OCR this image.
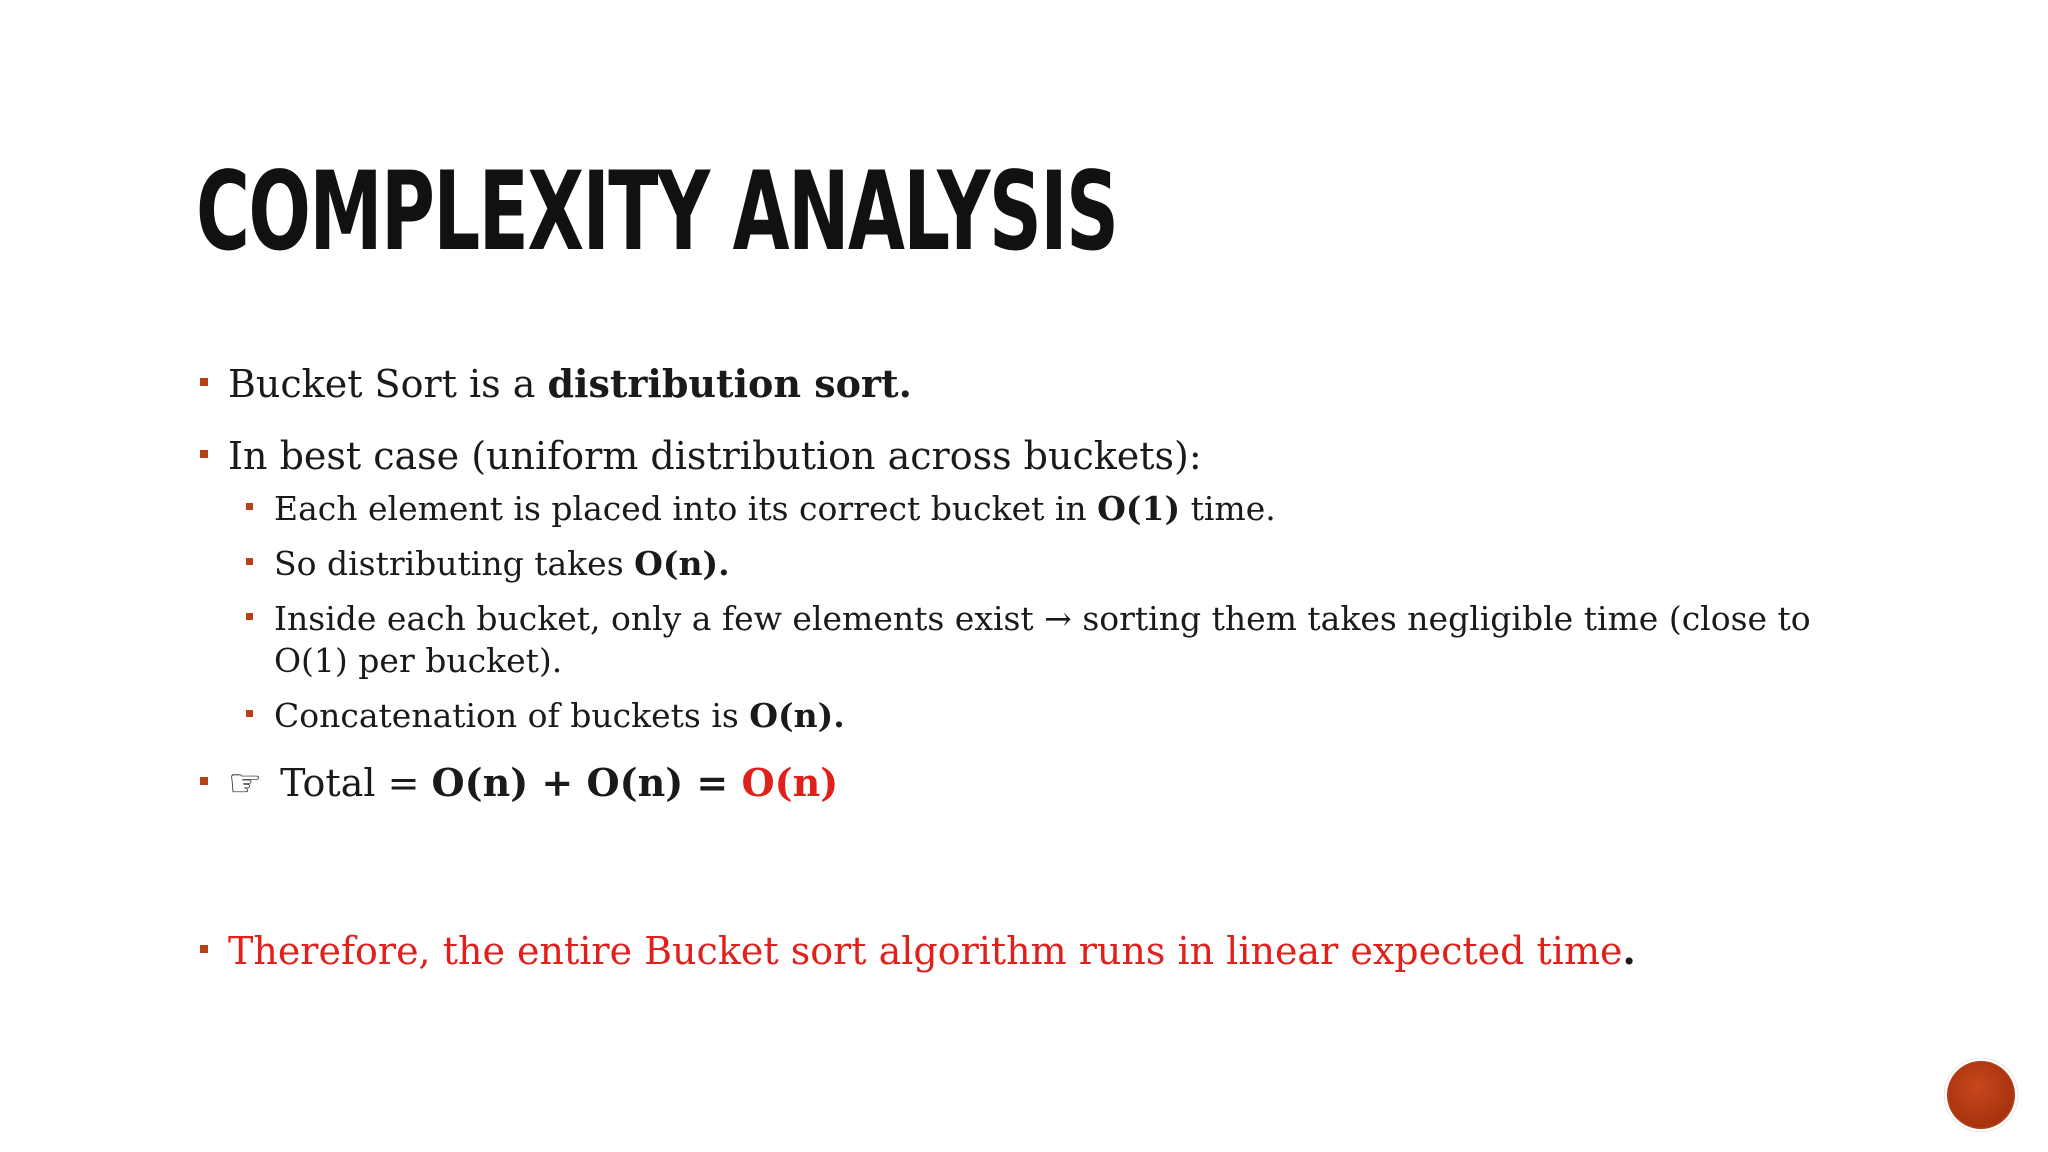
COMPLEXITY ANALYSIS
Bucket Sort is a distribution sort.
In best case (uniform distribution across buckets):
Each element is placed into its correct bucket in O(1) time.
So distributing takes O(n).
Inside each bucket, only a few elements exist → sorting them takes negligible time (close to O(1) per bucket).
Concatenation of buckets is O(n).
☞ Total = O(n) + O(n) = O(n)
Therefore, the entire Bucket sort algorithm runs in linear expected time.
